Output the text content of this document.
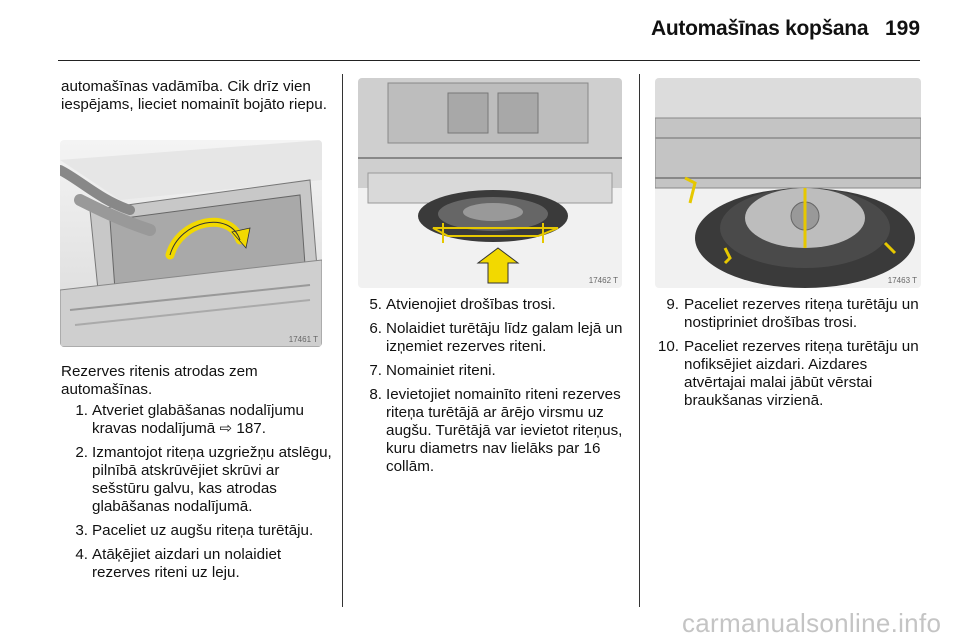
Automašīnas kopšana 199
automašīnas vadāmība. Cik drīz vien iespējams, lieciet nomainīt bojāto riepu.
17461 T
Rezerves ritenis atrodas zem automašīnas.
1. Atveriet glabāšanas nodalījumu kravas nodalījumā ⇨ 187.
2. Izmantojot riteņa uzgriežņu atslēgu, pilnībā atskrūvējiet skrūvi ar sešstūru galvu, kas atrodas glabāšanas nodalījumā.
3. Paceliet uz augšu riteņa turētāju.
4. Atāķējiet aizdari un nolaidiet rezerves riteni uz leju.
17462 T
5. Atvienojiet drošības trosi.
6. Nolaidiet turētāju līdz galam lejā un izņemiet rezerves riteni.
7. Nomainiet riteni.
8. Ievietojiet nomainīto riteni rezerves riteņa turētājā ar ārējo virsmu uz augšu. Turētājā var ievietot riteņus, kuru diametrs nav lielāks par 16 collām.
17463 T
9. Paceliet rezerves riteņa turētāju un nostipriniet drošības trosi.
10. Paceliet rezerves riteņa turētāju un nofiksējiet aizdari. Aizdares atvērtajai malai jābūt vērstai braukšanas virzienā.
carmanualsonline.info
